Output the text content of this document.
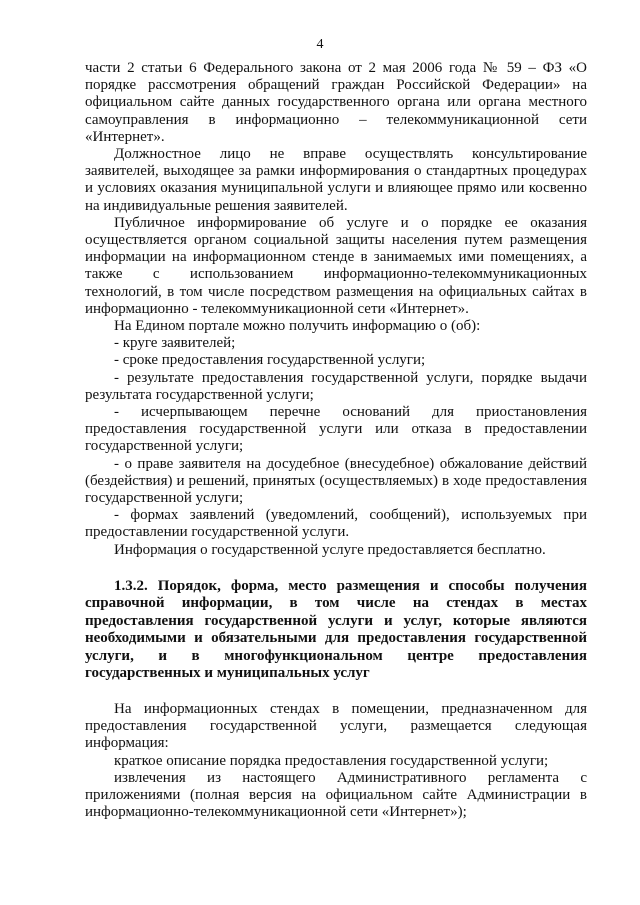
4

части 2 статьи 6 Федерального закона от 2 мая 2006 года № 59 – ФЗ «О порядке рассмотрения обращений граждан Российской Федерации» на официальном сайте данных государственного органа или органа местного самоуправления в информационно – телекоммуникационной сети «Интернет».

Должностное лицо не вправе осуществлять консультирование заявителей, выходящее за рамки информирования о стандартных процедурах и условиях оказания муниципальной услуги и влияющее прямо или косвенно на индивидуальные решения заявителей.

Публичное информирование об услуге и о порядке ее оказания осуществляется органом социальной защиты населения путем размещения информации на информационном стенде в занимаемых ими помещениях, а также с использованием информационно-телекоммуникационных технологий, в том числе посредством размещения на официальных сайтах в информационно - телекоммуникационной сети «Интернет».

На Едином портале можно получить информацию о (об):

- круге заявителей;

- сроке предоставления государственной услуги;

- результате предоставления государственной услуги, порядке выдачи результата государственной услуги;

- исчерпывающем перечне оснований для приостановления предоставления государственной услуги или отказа в предоставлении государственной услуги;

- о праве заявителя на досудебное (внесудебное) обжалование действий (бездействия) и решений, принятых (осуществляемых) в ходе предоставления государственной услуги;

- формах заявлений (уведомлений, сообщений), используемых при предоставлении государственной услуги.

Информация о государственной услуге предоставляется бесплатно.

1.3.2. Порядок, форма, место размещения и способы получения справочной информации, в том числе на стендах в местах предоставления государственной услуги и услуг, которые являются необходимыми и обязательными для предоставления государственной услуги, и в многофункциональном центре предоставления государственных и муниципальных услуг

На информационных стендах в помещении, предназначенном для предоставления государственной услуги, размещается следующая информация:

краткое описание порядка предоставления государственной услуги;

извлечения из настоящего Административного регламента с приложениями (полная версия на официальном сайте Администрации в информационно-телекоммуникационной сети «Интернет»);
